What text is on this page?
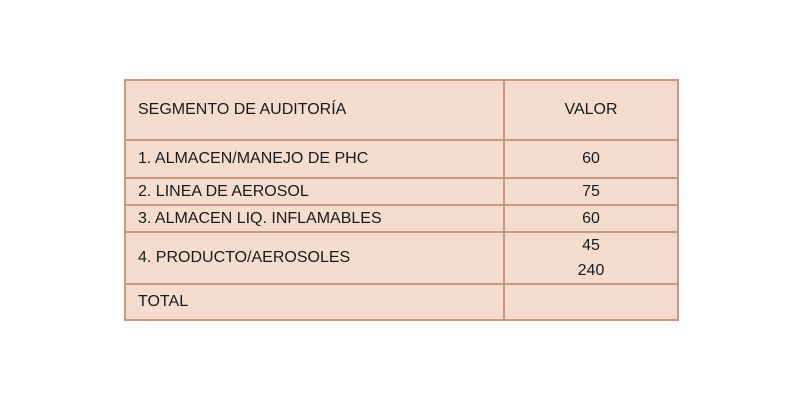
SEGMENTO DE AUDITORÍA	VALOR
1. ALMACEN/MANEJO DE PHC	60
2. LINEA DE AEROSOL	75
3. ALMACEN LIQ. INFLAMABLES	60
4. PRODUCTO/AEROSOLES	45
240

TOTAL	
